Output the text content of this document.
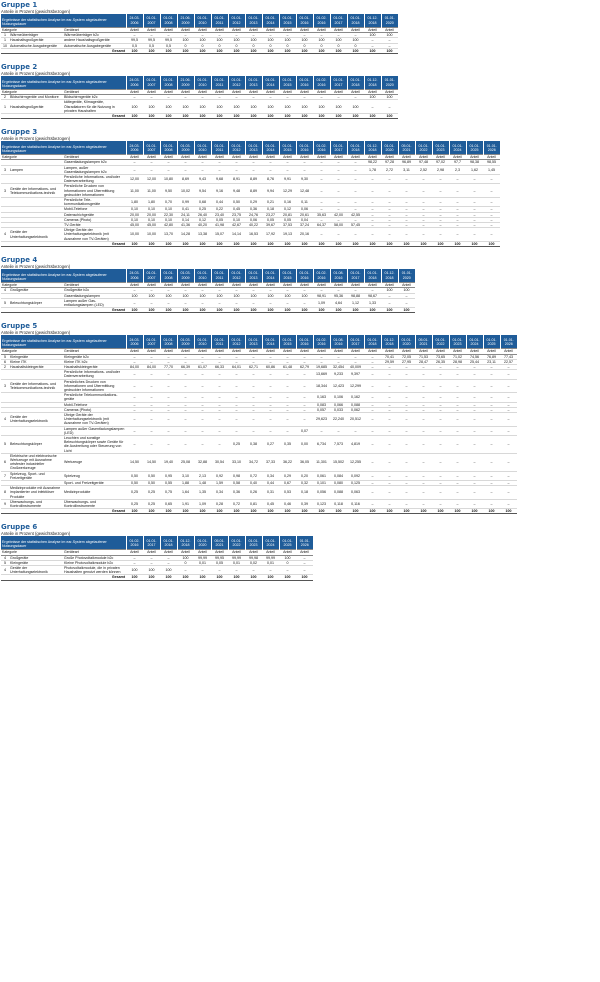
Gruppe 1
Anteile in Prozent (gewichtsbezogen)
Ergebnisse der statistischen Analyse im ear-System abgelaufener Nutzungsdauer			24.03. 2006	01.01. 2007	01.01. 2008	21.06. 2009	01.01. 2010	01.01. 2011	01.01. 2012	01.01. 2013	01.01. 2014	01.01. 2015	01.01. 2016	01.02. 2016	01.01. 2017	01.01. 2018	01.12. 2018	01.01. 2020
Kategorie		Geräteart	Anteil	Anteil	Anteil	Anteil	Anteil	Anteil	Anteil	Anteil	Anteil	Anteil	Anteil	Anteil	Anteil	Anteil	Anteil	Anteil
1	Wärmeüberträger	Wärmeüberträger b2c	–	–	–	–	–	–	–	–	–	–	–	–	–	–	100	100
1	Haushaltsgroßgeräte	andere Haushaltsgroßgeräte	99,5	99,5	99,5	100	100	100	100	100	100	100	100	100	100	100	–	–
10	Automatische Ausgabegeräte	Automatische Ausgabegeräte	0,5	0,5	0,5	0	0	0	0	0	0	0	0	0	0	0	–	–
Gesamt			100	100	100	100	100	100	100	100	100	100	100	100	100	100	100	100
Gruppe 2
Anteile in Prozent (gewichtsbezogen)
Ergebnisse der statistischen Analyse im ear-System abgelaufener Nutzungsdauer			24.03. 2006	01.01. 2007	01.01. 2008	21.06. 2009	01.01. 2010	01.01. 2011	01.01. 2012	01.01. 2013	01.01. 2014	01.01. 2015	01.01. 2016	01.02. 2016	01.01. 2017	01.01. 2018	01.12. 2018	01.01. 2020
Kategorie		Geräteart	Anteil	Anteil	Anteil	Anteil	Anteil	Anteil	Anteil	Anteil	Anteil	Anteil	Anteil	Anteil	Anteil	Anteil	Anteil	Anteil
2	Bildschirmgeräte und Monitore	Bildschirmgeräte b2c	–	–	–	–	–	–	–	–	–	–	–	–	–	–	100	100
1	Haushaltsgroßgeräte	kältegeräte, Klimageräte, Ölsradiatoren für die Nutzung in privaten Haushalten	100	100	100	100	100	100	100	100	100	100	100	100	100	100	–	–
Gesamt			100	100	100	100	100	100	100	100	100	100	100	100	100	100	100	100
Gruppe 3
Anteile in Prozent (gewichtsbezogen)
Ergebnisse der statistischen Analyse im ear-System abgelaufener Nutzungsdauer			24.03. 2006	01.01. 2007	01.01. 2008	01.03. 2009	01.01. 2010	01.01. 2011	01.01. 2012	01.01. 2013	01.01. 2014	01.01. 2015	01.01. 2016	01.02. 2016	01.01. 2017	01.01. 2018	01.12. 2018	01.01. 2020	05.01. 2021	01.01. 2022	01.01. 2023	01.01. 2024	01.01. 2025	01.01. 2026
Kategorie		Geräteart	Anteil	Anteil	Anteil	Anteil	Anteil	Anteil	Anteil	Anteil	Anteil	Anteil	Anteil	Anteil	Anteil	Anteil	Anteil	Anteil	Anteil	Anteil	Anteil	Anteil	Anteil	Anteil
		Gasentladungslampen b2c	–	–	–	–	–	–	–	–	–	–	–	–	–	–	98,22	97,28	96,89	97,48	97,02	97,7	98,38	98,55
3	Lampen	Lampen, außer Gasentladungslampen b2c	–	–	–	–	–	–	–	–	–	–	–	–	–	–	1,78	2,72	3,11	2,52	2,98	2,3	1,62	1,45
		Persönliche Informations- und/oder Datenverarbeitung	12,00	12,00	10,80	8,69	9,43	9,68	8,91	8,89	8,76	9,91	9,30	–	–	–	–	–	–	–	–	–	–	–
3	Geräte der Informations- und Telekommunikations-technik	Persönliche Drucken von Informationen und Übermittlung gedruckter Informationen	11,00	11,00	9,50	10,02	9,54	9,16	9,48	8,89	9,94	12,29	12,48	–	–	–	–	–	–	–	–	–	–	–
		Persönliche Tele-kommunikationsgeräte	1,80	1,80	0,70	0,99	0,68	0,44	0,50	0,29	0,21	0,16	0,11	–	–	–	–	–	–	–	–	–	–	–
		Mobil-Telefone	0,10	0,10	0,10	0,41	0,25	0,22	0,45	0,36	0,18	0,12	0,06	–	–	–	–	–	–	–	–	–	–	–
		Datenschichgeräte	20,00	20,00	22,30	24,11	26,40	23,40	23,75	24,76	23,27	20,81	20,61	35,63	42,00	42,55	–	–	–	–	–	–	–	–
		Cameras (Photo)	0,10	0,10	0,10	0,14	0,12	0,05	0,10	0,06	0,05	0,05	0,04	–	–	–	–	–	–	–	–	–	–	–
		TV-Geräte	45,00	45,00	42,80	41,36	40,20	41,98	42,67	40,22	39,67	37,53	37,24	64,37	58,00	57,45	–	–	–	–	–	–	–	–
4	Geräte der Unterhaltungselektronik	Übrige Geräte der Unterhaltungselektronik (mit Ausnahme von TV-Geräten)	10,00	10,00	13,70	14,28	13,38	15,07	14,14	16,53	17,92	19,13	20,16	–	–	–	–	–	–	–	–	–	–	–
Gesamt			100	100	100	100	100	100	100	100	100	100	100	100	100	100	100	100	100	100	100	100	100	100
Gruppe 4
Anteile in Prozent (gewichtsbezogen)
Ergebnisse der statistischen Analyse im ear-System abgelaufener Nutzungsdauer			24.03. 2006	01.01. 2007	01.01. 2008	01.03. 2009	01.01. 2010	01.01. 2011	01.01. 2012	01.01. 2013	01.01. 2014	01.01. 2015	01.01. 2016	01.02. 2016	01.08. 2016	01.01. 2017	01.01. 2018	01.12. 2018	01.01. 2020
Kategorie		Geräteart	Anteil	Anteil	Anteil	Anteil	Anteil	Anteil	Anteil	Anteil	Anteil	Anteil	Anteil	Anteil	Anteil	Anteil	Anteil	Anteil	Anteil
4	Großgeräte	Großgeräte b2c	–	–	–	–	–	–	–	–	–	–	–	–	–	–	–	100	100
		Gasentladungslampen	100	100	100	100	100	100	100	100	100	100	100	98,91	95,36	98,88	98,67	–	–
5	Beleuchtungskörper	Lampen außer Gas-entladungslampen (LED)	–	–	–	–	–	–	–	–	–	–	–	1,09	4,64	1,12	1,33	–	–
Gesamt			100	100	100	100	100	100	100	100	100	100	100	100	100	100	100	100	100
Gruppe 5
Anteile in Prozent (gewichtsbezogen)
Ergebnisse der statistischen Analyse im ear-System abgelaufener Nutzungsdauer			24.03. 2006	01.01. 2007	01.01. 2008	01.03. 2009	01.01. 2010	01.01. 2011	01.01. 2012	01.01. 2013	01.01. 2014	01.01. 2015	01.01. 2016	01.02. 2016	01.08. 2016	01.01. 2017	01.01. 2018	01.12. 2018	01.01. 2020	05.01. 2021	01.01. 2022	01.01. 2023	01.01. 2024	01.01. 2025	01.01. 2026
Kategorie		Geräteart	Anteil	Anteil	Anteil	Anteil	Anteil	Anteil	Anteil	Anteil	Anteil	Anteil	Anteil	Anteil	Anteil	Anteil	Anteil	Anteil	Anteil	Anteil	Anteil	Anteil	Anteil	Anteil	Anteil
5	Kleingeräte	Kleingeräte b2c	–	–	–	–	–	–	–	–	–	–	–	–	–	–	–	70,41	72,05	71,53	73,65	71,02	74,56	76,89	77,43
6	Kleine ITK	Kleine ITK b2c	–	–	–	–	–	–	–	–	–	–	–	–	–	–	–	29,59	27,95	28,47	26,35	28,98	25,44	23,11	22,57
2	Haushaltskleingeräte	Haushaltskleingeräte	84,00	84,00	77,70	66,39	61,07	66,33	64,01	62,71	60,86	61,48	62,79	19,685	32,454	40,009	–	–	–	–	–	–	–	–	–
		Persönliche Informations- und/oder Datenverarbeitung	–	–	–	–	–	–	–	–	–	–	–	13,669	9,233	9,397	–	–	–	–	–	–	–	–	–
3	Geräte der Informations- und Telekommunikations-technik	Persönliches Drucken von Informationen und Übermittlung gedruckter Informationen	–	–	–	–	–	–	–	–	–	–	–	18,344	12,423	12,299	–	–	–	–	–	–	–	–	–
		Persönliche Telekommunikations-geräte	–	–	–	–	–	–	–	–	–	–	–	0,163	0,106	0,162	–	–	–	–	–	–	–	–	–
		Mobil-Telefone	–	–	–	–	–	–	–	–	–	–	–	0,083	0,066	0,088	–	–	–	–	–	–	–	–	–
		Cameras (Photo)	–	–	–	–	–	–	–	–	–	–	–	0,057	0,033	0,062	–	–	–	–	–	–	–	–	–
4	Geräte der Unterhaltungselektronik	Übrige Geräte der Unterhaltungselektronik (mit Ausnahme von TV-Geräten)	–	–	–	–	–	–	–	–	–	–	–	29,623	22,240	20,512	–	–	–	–	–	–	–	–	–
		Lampen außer Gasentladungslampen (LED)	–	–	–	–	–	–	–	–	–	–	0,07	–	–	–	–	–	–	–	–	–	–	–	–
5	Beleuchtungskörper	Leuchten und sonstige Beleuchtungskörper sowie Geräte für die Ausbreitung oder Steuerung von Licht	–	–	–	–	–	–	0,25	0,38	0,27	0,35	0,00	6,734	7,573	4,819	–	–	–	–	–	–	–	–	–
6	Elektrische und elektronische Werkzeuge mit Ausnahme ortsfester industrieller Großwerkzeuge	Werkzeuge	14,50	14,50	19,40	25,08	32,88	30,54	33,10	34,72	37,33	36,22	36,05	11,301	15,502	12,255	–	–	–	–	–	–	–	–	–
7	Spielzeug, Sport- und Freizeitgeräte	Spielzeug	0,50	0,50	0,95	3,10	2,13	0,92	0,98	0,72	0,34	0,29	0,20	0,061	0,084	0,092	–	–	–	–	–	–	–	–	–
		Sport- und Freizeitgeräte	0,50	0,50	0,55	1,88	1,48	1,59	0,58	0,40	0,44	0,67	0,32	0,101	0,080	0,125	–	–	–	–	–	–	–	–	–
8	Medizinprodukte mit Ausnahme implantierter und infektiöser Produkte	Medizinprodukte	0,25	0,25	0,75	1,64	1,35	0,34	0,36	0,26	0,31	0,53	0,18	0,056	0,088	0,063	–	–	–	–	–	–	–	–	–
9	Überwachungs- und Kontrollinstrumente	Überwachungs- und Kontrollinstrumente	0,25	0,25	0,65	1,91	1,09	0,28	0,72	0,81	0,45	0,46	0,39	0,123	0,118	0,116	–	–	–	–	–	–	–	–	–
Gesamt			100	100	100	100	100	100	100	100	100	100	100	100	100	100	100	100	100	100	100	100	100	100	100
Gruppe 6
Anteile in Prozent (gewichtsbezogen)
Ergebnisse der statistischen Analyse im ear-System abgelaufener Nutzungsdauer			01.02. 2016	01.01. 2017	01.01. 2018	01.12. 2018	01.01. 2020	05.01. 2021	01.01. 2022	01.01. 2023	01.01. 2024	01.01. 2025	01.01. 2026
Kategorie		Geräteart	Anteil	Anteil	Anteil	Anteil	Anteil	Anteil	Anteil	Anteil	Anteil	Anteil	Anteil
4	Großgeräte	Große Photovoltaikmodule b2c	–	–	–	100	99,99	99,95	99,99	99,98	99,99	100	–
5	Kleingeräte	Kleine Photovoltaikmodule b2c	–	–	–	0	0,01	0,05	0,01	0,02	0,01	0	–
4	Geräte der Unterhaltungselektronik	Photovoltaikmodule, die in privaten Haushalten genutzt werden können	100	100	100	–	–	–	–	–	–	–	–
Gesamt			100	100	100	100	100	100	100	100	100	100	100
